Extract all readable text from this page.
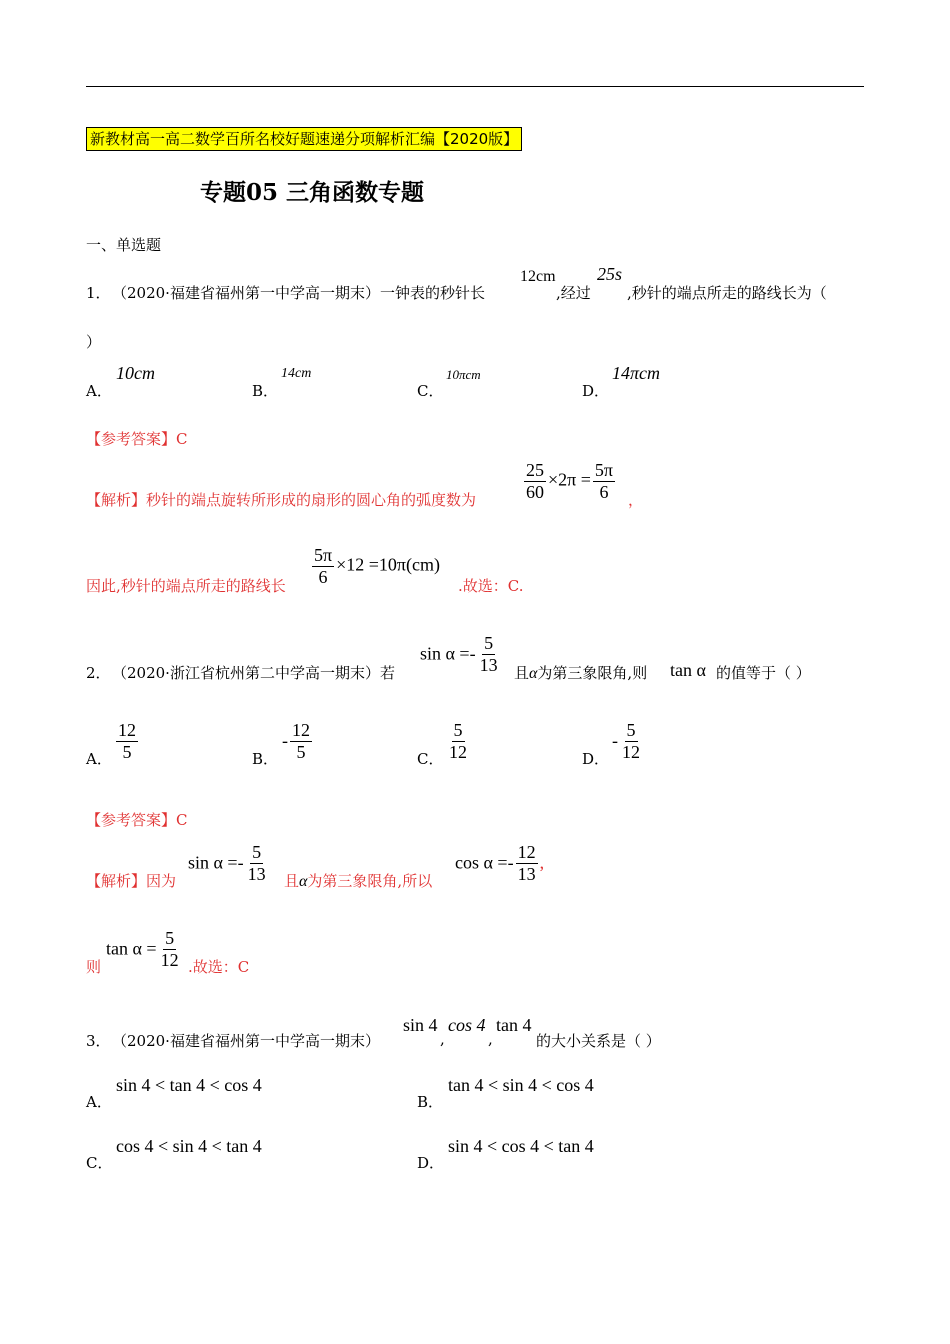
新教材高一高二数学百所名校好题速递分项解析汇编【2020版】
专题05 三角函数专题
一、单选题
1． （2020·福建省福州第一中学高一期末）一钟表的秒针长
12cm
,经过
25s
,秒针的端点所走的路线长为（
）
A．
10cm
B．
14cm
C．
10πcm
D．
14πcm
【参考答案】C
【解析】秒针的端点旋转所形成的扇形的圆心角的弧度数为	$\frac{25}{60} \times 2\pi = \frac{5\pi}{6}$ ，
因此,秒针的端点所走的路线长 $\frac{5\pi}{6} \times 12 =10\pi(cm)$
.故选：C.
2． （2020·浙江省杭州第二中学高一期末）若
$\sin \alpha =- \frac{5}{13}$ 且α为第三象限角,则 tan α 的值等于（ ）
A． $\frac{12}{5}$	B．
- $\frac{12}{5}$	C． $\frac{5}{12}$	D．
- $\frac{5}{12}$
【参考答案】C
【解析】因为
$\sin \alpha =- \frac{5}{13}$ 且α为第三象限角,所以
$\cos \alpha =- \frac{12}{13}$ ,
则
$\tan \alpha = \frac{5}{12}$ .故选：C
3． （2020·福建省福州第一中学高一期末）
sin 4
,
cos 4
,
tan 4
的大小关系是（ ）
A．
sin 4 < tan 4 < cos 4
B．
tan 4 < sin 4 < cos 4
C．
cos 4 < sin 4 < tan 4
D．
sin 4 < cos 4 < tan 4
